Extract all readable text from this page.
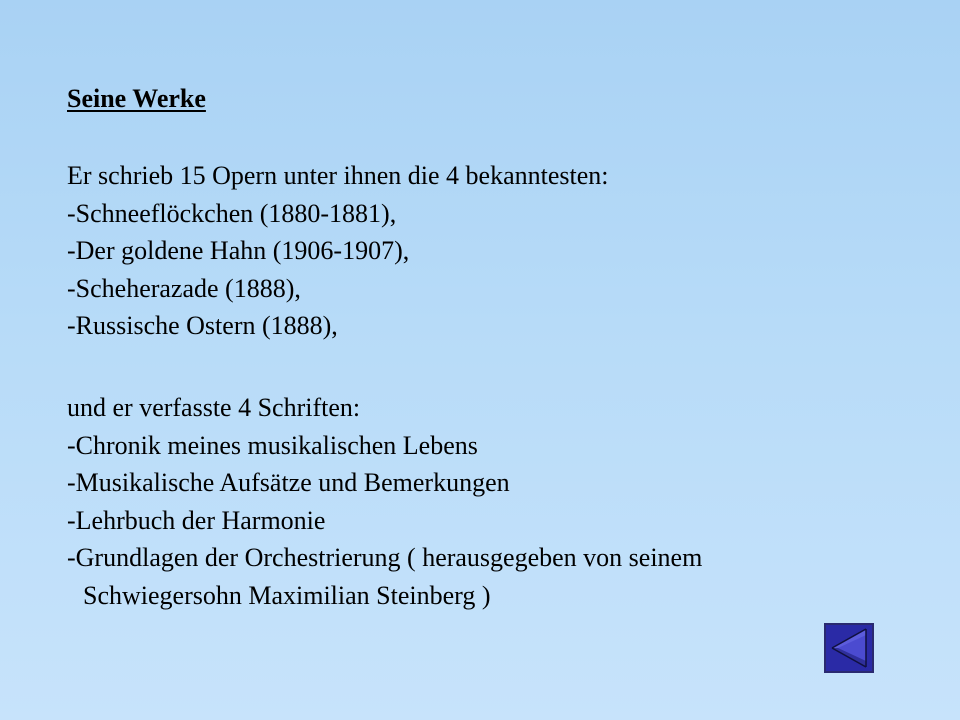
Seine Werke
Er schrieb 15 Opern unter ihnen die 4 bekanntesten:
-Schneeflöckchen (1880-1881),
-Der goldene Hahn (1906-1907),
-Scheherazade (1888),
-Russische Ostern (1888),
und er verfasste 4 Schriften:
-Chronik meines musikalischen Lebens
-Musikalische Aufsätze und Bemerkungen
-Lehrbuch der Harmonie
-Grundlagen der Orchestrierung ( herausgegeben von seinem
Schwiegersohn Maximilian Steinberg )
